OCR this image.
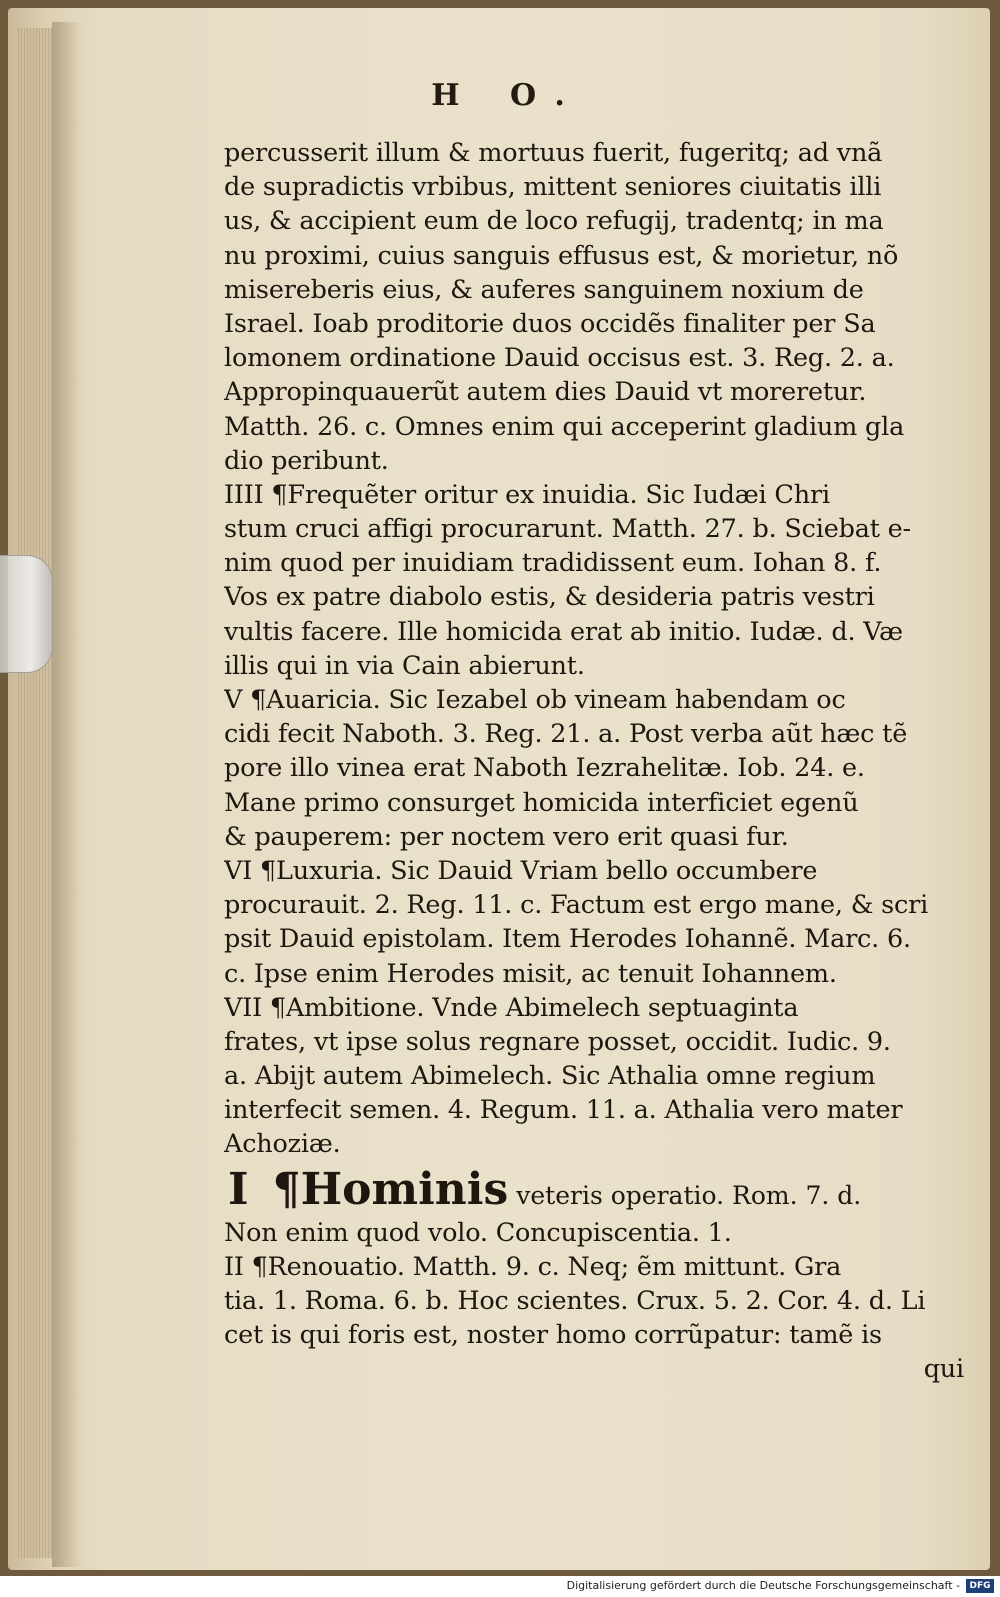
H O.
percusserit illum & mortuus fuerit, fugeritq; ad vnã
de supradictis vrbibus, mittent seniores ciuitatis illi
us, & accipient eum de loco refugij, tradentq; in ma
nu proximi, cuius sanguis effusus est, & morietur, nõ
misereberis eius, & auferes sanguinem noxium de
Israel. Ioab proditorie duos occidẽs finaliter per Sa
lomonem ordinatione Dauid occisus est. 3. Reg. 2. a.
Appropinquauerũt autem dies Dauid vt moreretur.
Matth. 26. c. Omnes enim qui acceperint gladium gla
dio peribunt.
IIII ¶Frequẽter oritur ex inuidia. Sic Iudæi Chri
stum cruci affigi procurarunt. Matth. 27. b. Sciebat e-
nim quod per inuidiam tradidissent eum. Iohan 8. f.
Vos ex patre diabolo estis, & desideria patris vestri
vultis facere. Ille homicida erat ab initio. Iudæ. d. Væ
illis qui in via Cain abierunt.
V ¶Auaricia. Sic Iezabel ob vineam habendam oc
cidi fecit Naboth. 3. Reg. 21. a. Post verba aũt hæc tẽ
pore illo vinea erat Naboth Iezrahelitæ. Iob. 24. e.
Mane primo consurget homicida interficiet egenũ
& pauperem: per noctem vero erit quasi fur.
VI ¶Luxuria. Sic Dauid Vriam bello occumbere
procurauit. 2. Reg. 11. c. Factum est ergo mane, & scri
psit Dauid epistolam. Item Herodes Iohannẽ. Marc. 6.
c. Ipse enim Herodes misit, ac tenuit Iohannem.
VII ¶Ambitione. Vnde Abimelech septuaginta
frates, vt ipse solus regnare posset, occidit. Iudic. 9.
a. Abijt autem Abimelech. Sic Athalia omne regium
interfecit semen. 4. Regum. 11. a. Athalia vero mater
Achoziæ.
I ¶Hominis veteris operatio. Rom. 7. d.
Non enim quod volo. Concupiscentia. 1.
II ¶Renouatio. Matth. 9. c. Neq; ẽm mittunt. Gra
tia. 1. Roma. 6. b. Hoc scientes. Crux. 5. 2. Cor. 4. d. Li
cet is qui foris est, noster homo corrũpatur: tamẽ is
qui
Digitalisierung gefördert durch die Deutsche Forschungsgemeinschaft -	DFG
